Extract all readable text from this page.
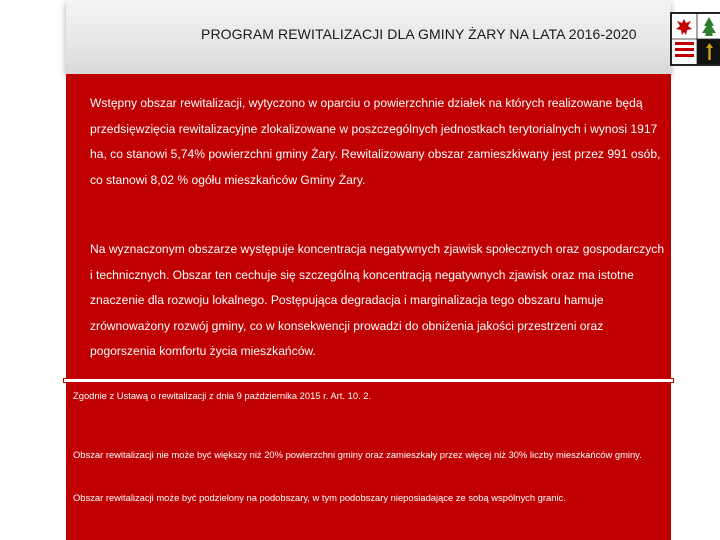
PROGRAM REWITALIZACJI DLA GMINY ŻARY NA LATA 2016-2020

Wstępny obszar rewitalizacji, wytyczono w oparciu o powierzchnie działek na których realizowane będą przedsięwzięcia rewitalizacyjne zlokalizowane w poszczególnych jednostkach terytorialnych i wynosi 1917 ha, co stanowi 5,74% powierzchni gminy Żary. Rewitalizowany obszar zamieszkiwany jest przez 991 osób, co stanowi 8,02 % ogółu mieszkańców Gminy Żary.

Na wyznaczonym obszarze występuje koncentracja negatywnych zjawisk społecznych oraz gospodarczych i technicznych. Obszar ten cechuje się szczególną koncentracją negatywnych zjawisk oraz ma istotne znaczenie dla rozwoju lokalnego. Postępująca degradacja i marginalizacja tego obszaru hamuje zrównoważony rozwój gminy, co w konsekwencji prowadzi do obniżenia jakości przestrzeni oraz pogorszenia komfortu życia mieszkańców.

Zgodnie z Ustawą o rewitalizacji z dnia 9 października 2015 r. Art. 10. 2.

Obszar rewitalizacji nie może być większy niż 20% powierzchni gminy oraz zamieszkały przez więcej niż 30% liczby mieszkańców gminy.

Obszar rewitalizacji może być podzielony na podobszary, w tym podobszary nieposiadające ze sobą wspólnych granic.
